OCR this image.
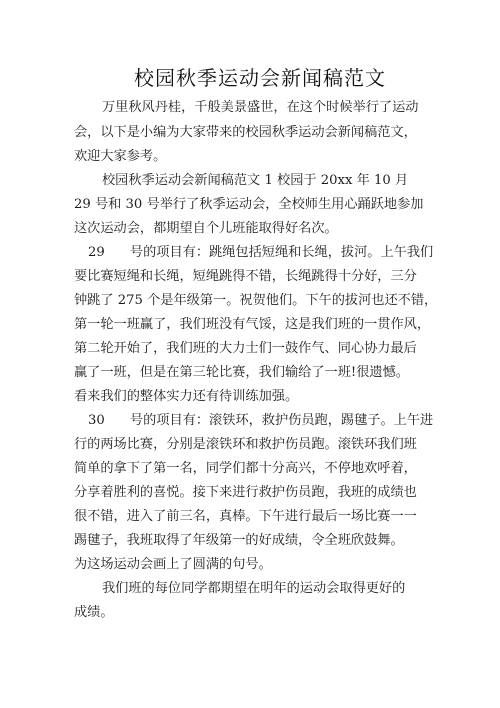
校园秋季运动会新闻稿范文
万里秋风丹桂，千般美景盛世，在这个时候举行了运动
会，以下是小编为大家带来的校园秋季运动会新闻稿范文，
欢迎大家参考。
校园秋季运动会新闻稿范文 1 校园于 20xx 年 10 月
29 号和 30 号举行了秋季运动会，全校师生用心踊跃地参加
这次运动会，都期望自个儿班能取得好名次。
29      号的项目有：跳绳包括短绳和长绳，拔河。上午我们
要比赛短绳和长绳，短绳跳得不错，长绳跳得十分好，三分
钟跳了 275 个是年级第一。祝贺他们。下午的拔河也还不错，
第一轮一班赢了，我们班没有气馁，这是我们班的一贯作风，
第二轮开始了，我们班的大力士们一鼓作气、同心协力最后
赢了一班，但是在第三轮比赛，我们输给了一班!很遗憾。
看来我们的整体实力还有待训练加强。
30      号的项目有：滚铁环，救护伤员跑，踢毽子。上午进
行的两场比赛，分别是滚铁环和救护伤员跑。滚铁环我们班
简单的拿下了第一名，同学们都十分高兴，不停地欢呼着，
分享着胜利的喜悦。接下来进行救护伤员跑，我班的成绩也
很不错，进入了前三名，真棒。下午进行最后一场比赛一一
踢毽子，我班取得了年级第一的好成绩，令全班欣鼓舞。
为这场运动会画上了圆满的句号。
我们班的每位同学都期望在明年的运动会取得更好的
成绩。
